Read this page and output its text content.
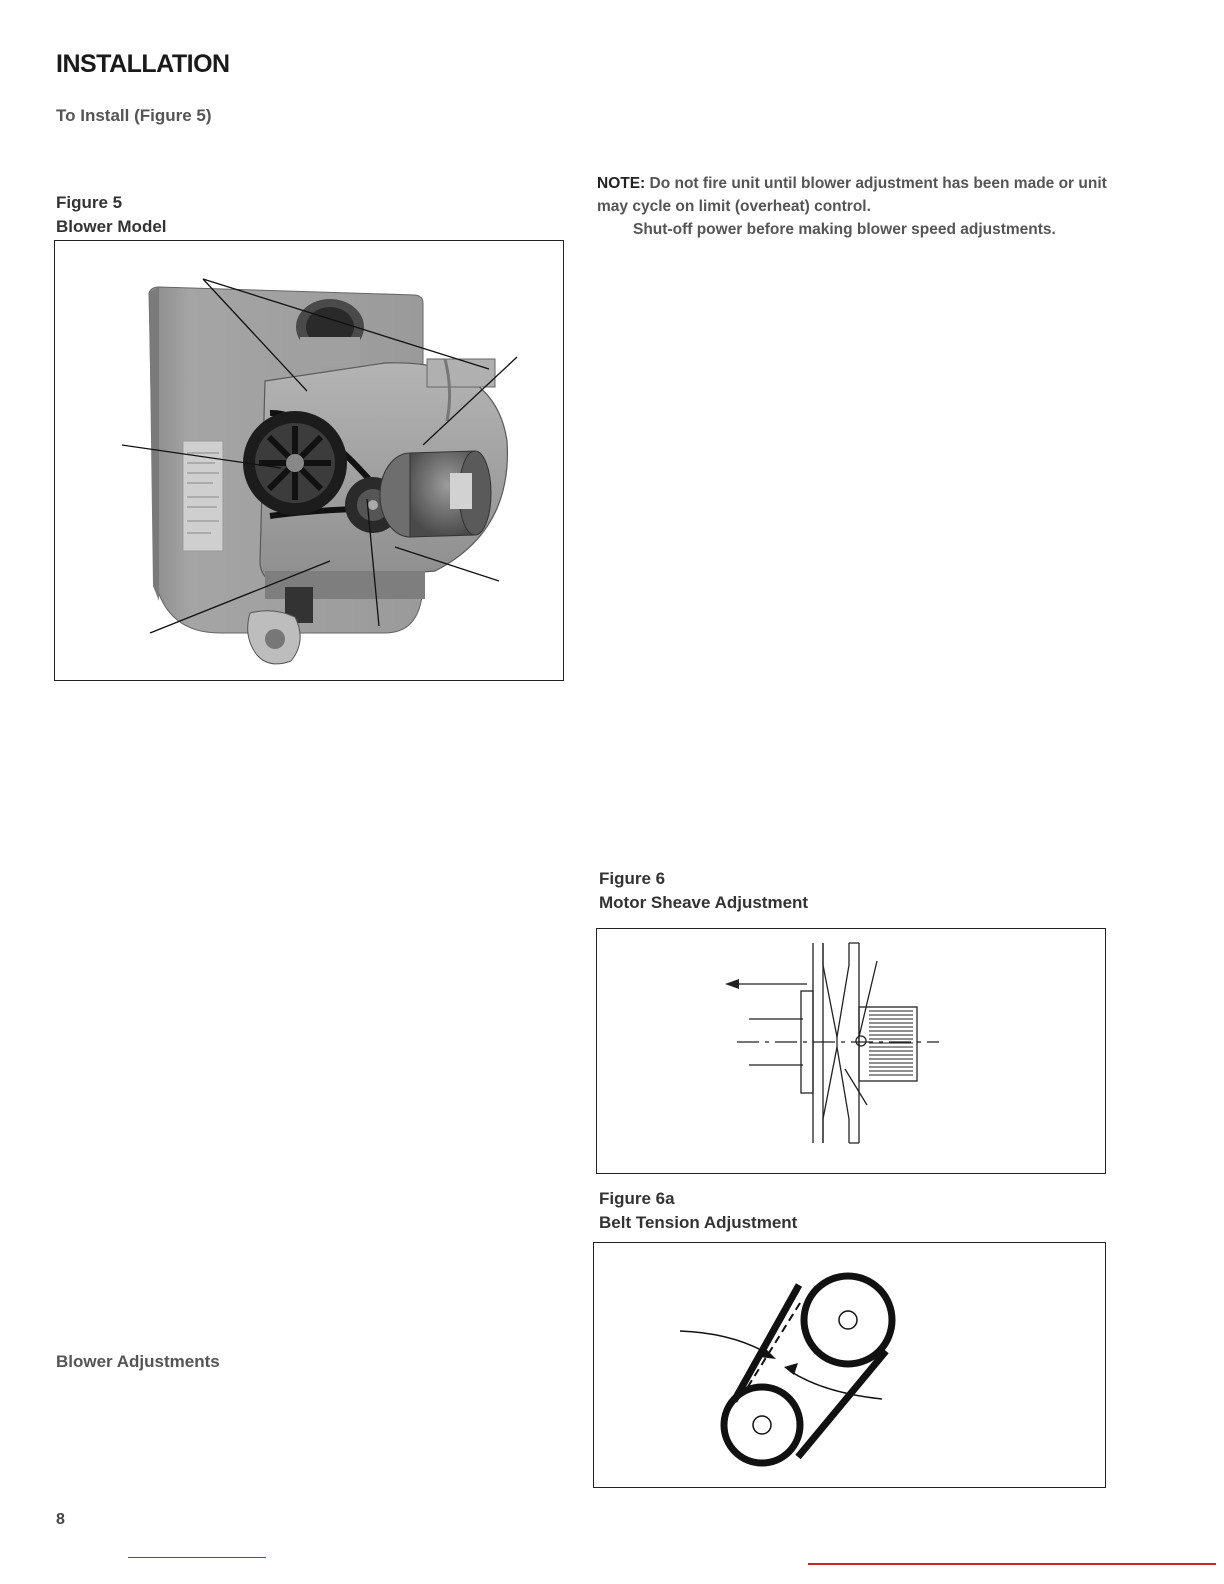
INSTALLATION
To Install (Figure 5)
Figure 5
Blower Model
NOTE: Do not fire unit until blower adjustment has been made or unit may cycle on limit (overheat) control.
Shut-off power before making blower speed adjustments.
Figure 6
Motor Sheave Adjustment
Figure 6a
Belt Tension Adjustment
Blower Adjustments
8
